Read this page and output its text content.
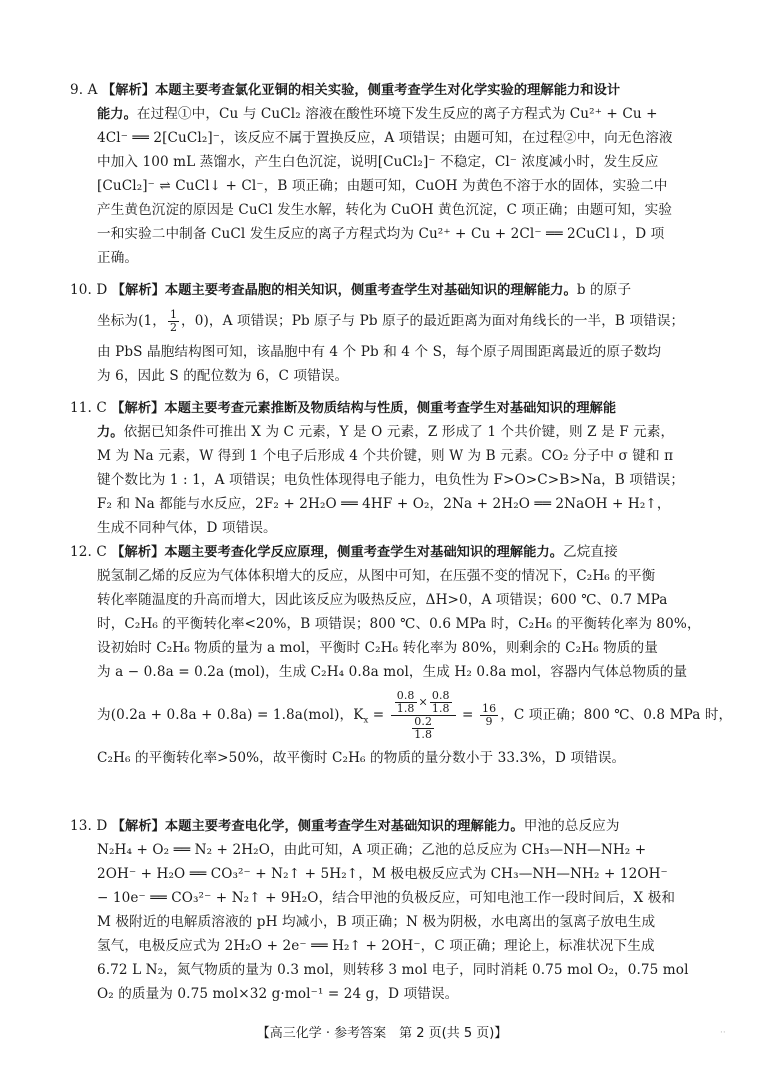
9. A 【解析】本题主要考查氯化亚铜的相关实验，侧重考查学生对化学实验的理解能力和设计
能力。在过程①中，Cu 与 CuCl₂ 溶液在酸性环境下发生反应的离子方程式为 Cu²⁺ + Cu +
4Cl⁻ ══ 2[CuCl₂]⁻，该反应不属于置换反应，A 项错误；由题可知，在过程②中，向无色溶液
中加入 100 mL 蒸馏水，产生白色沉淀，说明[CuCl₂]⁻ 不稳定，Cl⁻ 浓度减小时，发生反应
[CuCl₂]⁻ ⇌ CuCl↓ + Cl⁻，B 项正确；由题可知，CuOH 为黄色不溶于水的固体，实验二中
产生黄色沉淀的原因是 CuCl 发生水解，转化为 CuOH 黄色沉淀，C 项正确；由题可知，实验
一和实验二中制备 CuCl 发生反应的离子方程式均为 Cu²⁺ + Cu + 2Cl⁻ ══ 2CuCl↓，D 项
正确。
10. D 【解析】本题主要考查晶胞的相关知识，侧重考查学生对基础知识的理解能力。b 的原子
坐标为(1， $\frac{1}{2}$ ，0)，A 项错误；Pb 原子与 Pb 原子的最近距离为面对角线长的一半，B 项错误；
由 PbS 晶胞结构图可知，该晶胞中有 4 个 Pb 和 4 个 S，每个原子周围距离最近的原子数均
为 6，因此 S 的配位数为 6，C 项错误。
11. C 【解析】本题主要考查元素推断及物质结构与性质，侧重考查学生对基础知识的理解能
力。依据已知条件可推出 X 为 C 元素，Y 是 O 元素，Z 形成了 1 个共价键，则 Z 是 F 元素，
M 为 Na 元素，W 得到 1 个电子后形成 4 个共价键，则 W 为 B 元素。CO₂ 分子中 σ 键和 π
键个数比为 1 : 1，A 项错误；电负性体现得电子能力，电负性为 F>O>C>B>Na，B 项错误；
F₂ 和 Na 都能与水反应，2F₂ + 2H₂O ══ 4HF + O₂，2Na + 2H₂O ══ 2NaOH + H₂↑，
生成不同种气体，D 项错误。
12. C 【解析】本题主要考查化学反应原理，侧重考查学生对基础知识的理解能力。乙烷直接
脱氢制乙烯的反应为气体体积增大的反应，从图中可知，在压强不变的情况下，C₂H₆ 的平衡
转化率随温度的升高而增大，因此该反应为吸热反应，ΔH>0，A 项错误；600 ℃、0.7 MPa
时，C₂H₆ 的平衡转化率<20%，B 项错误；800 ℃、0.6 MPa 时，C₂H₆ 的平衡转化率为 80%，
设初始时 C₂H₆ 物质的量为 a mol，平衡时 C₂H₆ 转化率为 80%，则剩余的 C₂H₆ 物质的量
为 a − 0.8a = 0.2a (mol)，生成 C₂H₄ 0.8a mol，生成 H₂ 0.8a mol，容器内气体总物质的量
为(0.2a + 0.8a + 0.8a) = 1.8a(mol)，$K_x = \frac{\frac{0.8}{1.8} \times \frac{0.8}{1.8}}{\frac{0.2}{1.8}} = \frac{16}{9}$ ，C 项正确；800 ℃、0.8 MPa 时，
C₂H₆ 的平衡转化率>50%，故平衡时 C₂H₆ 的物质的量分数小于 33.3%，D 项错误。
13. D 【解析】本题主要考查电化学，侧重考查学生对基础知识的理解能力。甲池的总反应为
N₂H₄ + O₂ ══ N₂ + 2H₂O，由此可知，A 项正确；乙池的总反应为 CH₃—NH—NH₂ +
2OH⁻ + H₂O ══ CO₃²⁻ + N₂↑ + 5H₂↑，M 极电极反应式为 CH₃—NH—NH₂ + 12OH⁻
− 10e⁻ ══ CO₃²⁻ + N₂↑ + 9H₂O，结合甲池的负极反应，可知电池工作一段时间后，X 极和
M 极附近的电解质溶液的 pH 均减小，B 项正确；N 极为阴极，水电离出的氢离子放电生成
氢气，电极反应式为 2H₂O + 2e⁻ ══ H₂↑ + 2OH⁻，C 项正确；理论上，标准状况下生成
6.72 L N₂，氮气物质的量为 0.3 mol，则转移 3 mol 电子，同时消耗 0.75 mol O₂，0.75 mol
O₂ 的质量为 0.75 mol×32 g·mol⁻¹ = 24 g，D 项错误。
【高三化学 · 参考答案　第 2 页(共 5 页)】	··
